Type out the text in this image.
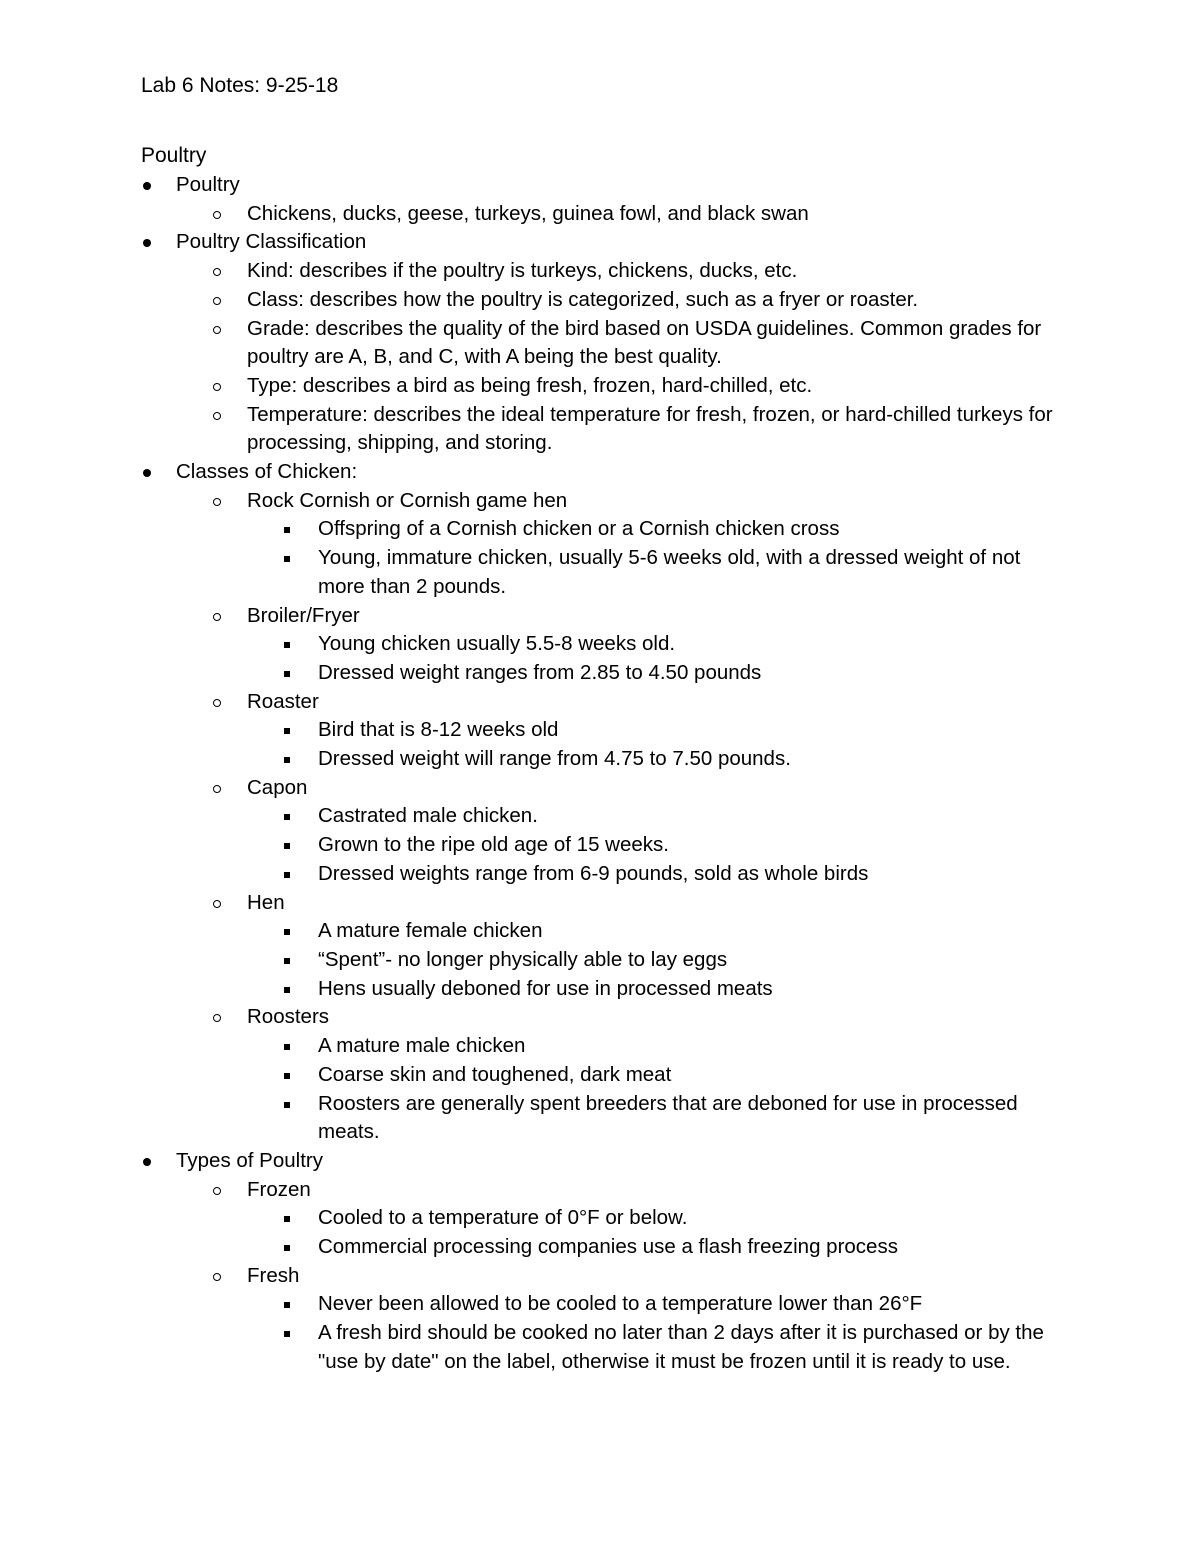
Lab 6 Notes: 9-25-18
Poultry
Poultry
Chickens, ducks, geese, turkeys, guinea fowl, and black swan
Poultry Classification
Kind: describes if the poultry is turkeys, chickens, ducks, etc.
Class: describes how the poultry is categorized, such as a fryer or roaster.
Grade: describes the quality of the bird based on USDA guidelines. Common grades for poultry are A, B, and C, with A being the best quality.
Type: describes a bird as being fresh, frozen, hard-chilled, etc.
Temperature: describes the ideal temperature for fresh, frozen, or hard-chilled turkeys for processing, shipping, and storing.
Classes of Chicken:
Rock Cornish or Cornish game hen
Offspring of a Cornish chicken or a Cornish chicken cross
Young, immature chicken, usually 5-6 weeks old, with a dressed weight of not more than 2 pounds.
Broiler/Fryer
Young chicken usually 5.5-8 weeks old.
Dressed weight ranges from 2.85 to 4.50 pounds
Roaster
Bird that is 8-12 weeks old
Dressed weight will range from 4.75 to 7.50 pounds.
Capon
Castrated male chicken.
Grown to the ripe old age of 15 weeks.
Dressed weights range from 6-9 pounds, sold as whole birds
Hen
A mature female chicken
“Spent”- no longer physically able to lay eggs
Hens usually deboned for use in processed meats
Roosters
A mature male chicken
Coarse skin and toughened, dark meat
Roosters are generally spent breeders that are deboned for use in processed meats.
Types of Poultry
Frozen
Cooled to a temperature of 0°F or below.
Commercial processing companies use a flash freezing process
Fresh
Never been allowed to be cooled to a temperature lower than 26°F
A fresh bird should be cooked no later than 2 days after it is purchased or by the "use by date" on the label, otherwise it must be frozen until it is ready to use.
